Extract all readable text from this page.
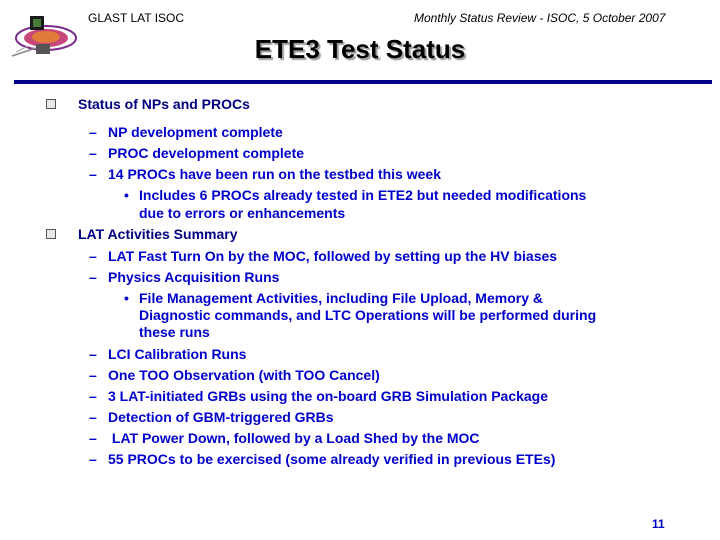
GLAST LAT ISOC	Monthly Status Review - ISOC, 5 October 2007
ETE3 Test Status
Status of NPs and PROCs
– NP development complete
– PROC development complete
– 14 PROCs have been run on the testbed this week
• Includes 6 PROCs already tested in ETE2 but needed modifications
due to errors or enhancements
LAT Activities Summary
– LAT Fast Turn On by the MOC, followed by setting up the HV biases
– Physics Acquisition Runs
• File Management Activities, including File Upload, Memory &
Diagnostic commands, and LTC Operations will be performed during
these runs
– LCI Calibration Runs
– One TOO Observation (with TOO Cancel)
– 3 LAT-initiated GRBs using the on-board GRB Simulation Package
– Detection of GBM-triggered GRBs
– LAT Power Down, followed by a Load Shed by the MOC
– 55 PROCs to be exercised (some already verified in previous ETEs)
11
